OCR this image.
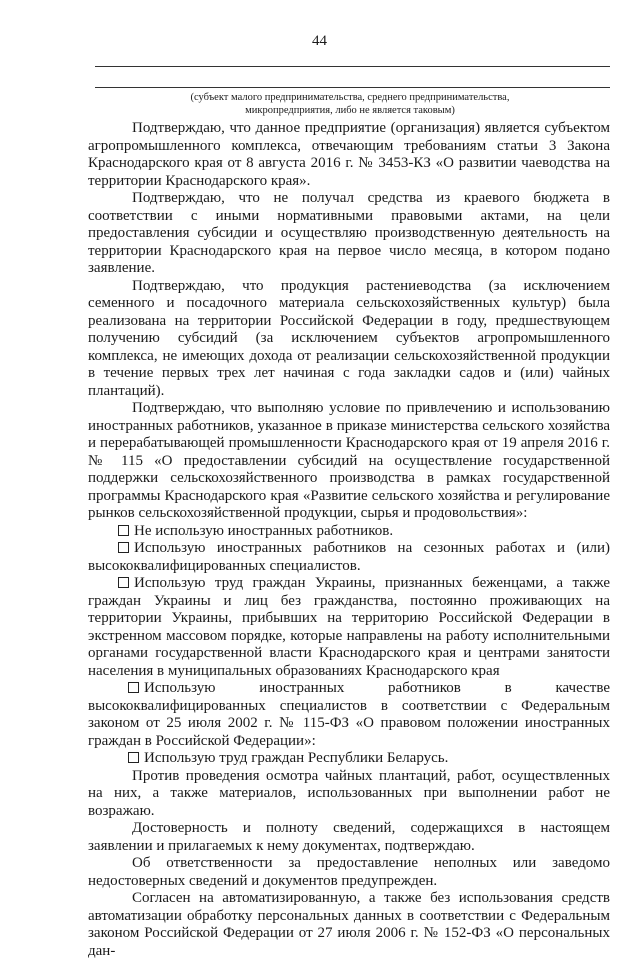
44
(субъект малого предпринимательства, среднего предпринимательства,
микропредприятия, либо не является таковым)

Подтверждаю, что данное предприятие (организация) является субъектом агропромышленного комплекса, отвечающим требованиям статьи 3 Закона Краснодарского края от 8 августа 2016 г. № 3453-КЗ «О развитии чаеводства на территории Краснодарского края».

Подтверждаю, что не получал средства из краевого бюджета в соответствии с иными нормативными правовыми актами, на цели предоставления субсидии и осуществляю производственную деятельность на территории Краснодарского края на первое число месяца, в котором подано заявление.

Подтверждаю, что продукция растениеводства (за исключением семенного и посадочного материала сельскохозяйственных культур) была реализована на территории Российской Федерации в году, предшествующем получению субсидий (за исключением субъектов агропромышленного комплекса, не имеющих дохода от реализации сельскохозяйственной продукции в течение первых трех лет начиная с года закладки садов и (или) чайных плантаций).

Подтверждаю, что выполняю условие по привлечению и использованию иностранных работников, указанное в приказе министерства сельского хозяйства и перерабатывающей промышленности Краснодарского края от 19 апреля 2016 г. № 115 «О предоставлении субсидий на осуществление государственной поддержки сельскохозяйственного производства в рамках государственной программы Краснодарского края «Развитие сельского хозяйства и регулирование рынков сельскохозяйственной продукции, сырья и продовольствия»:

Не использую иностранных работников.

Использую иностранных работников на сезонных работах и (или) высококвалифицированных специалистов.

Использую труд граждан Украины, признанных беженцами, а также граждан Украины и лиц без гражданства, постоянно проживающих на территории Украины, прибывших на территорию Российской Федерации в экстренном массовом порядке, которые направлены на работу исполнительными органами государственной власти Краснодарского края и центрами занятости населения в муниципальных образованиях Краснодарского края

Использую иностранных работников в качестве высококвалифицированных специалистов в соответствии с Федеральным законом от 25 июля 2002 г. № 115-ФЗ «О правовом положении иностранных граждан в Российской Федерации»:

Использую труд граждан Республики Беларусь.

Против проведения осмотра чайных плантаций, работ, осуществленных на них, а также материалов, использованных при выполнении работ не возражаю.

Достоверность и полноту сведений, содержащихся в настоящем заявлении и прилагаемых к нему документах, подтверждаю.

Об ответственности за предоставление неполных или заведомо недостоверных сведений и документов предупрежден.

Согласен на автоматизированную, а также без использования средств автоматизации обработку персональных данных в соответствии с Федеральным законом Российской Федерации от 27 июля 2006 г. № 152-ФЗ «О персональных дан-
